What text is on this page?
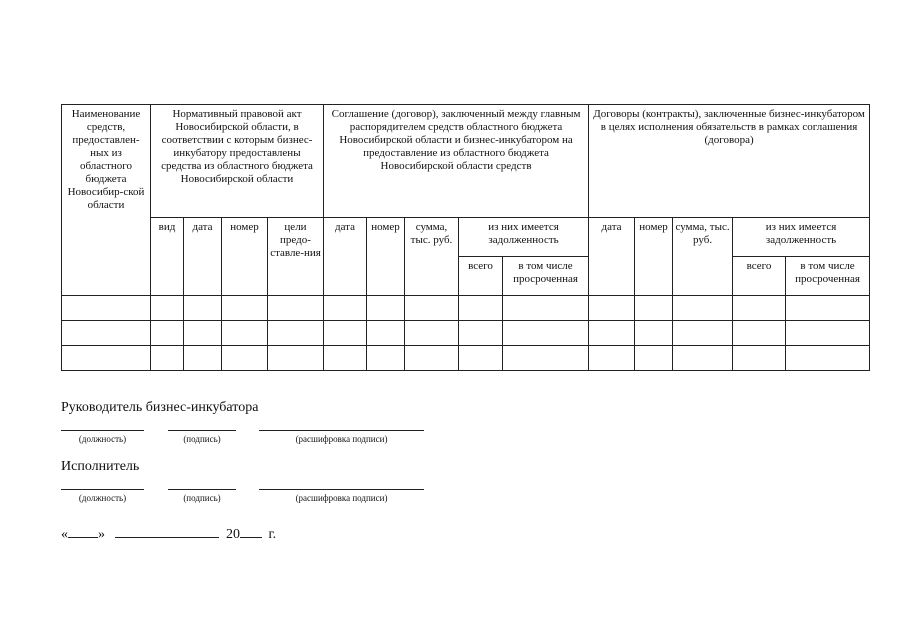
Наименование средств, предоставлен-ных из областного бюджета Новосибир-ской области	Нормативный правовой акт Новосибирской области, в соответствии с которым бизнес-инкубатору предоставлены средства из областного бюджета Новосибирской области				Соглашение (договор), заключенный между главным распорядителем средств областного бюджета Новосибирской области и бизнес-инкубатором на предоставление из областного бюджета Новосибирской области средств					Договоры (контракты), заключенные бизнес-инкубатором в целях исполнения обязательств в рамках соглашения (договора)				
	вид	дата	номер	цели предо-ставле-ния	дата	номер	сумма, тыс. руб.	из них имеется задолженность		дата	номер	сумма, тыс. руб.	из них имеется задолженность	
								всего	в том числе просроченная				всего	в том числе просроченная

Руководитель бизнес-инкубатора
(должность)	(подпись)	(расшифровка подписи)
Исполнитель
(должность)	(подпись)	(расшифровка подписи)
« »	20 г.
